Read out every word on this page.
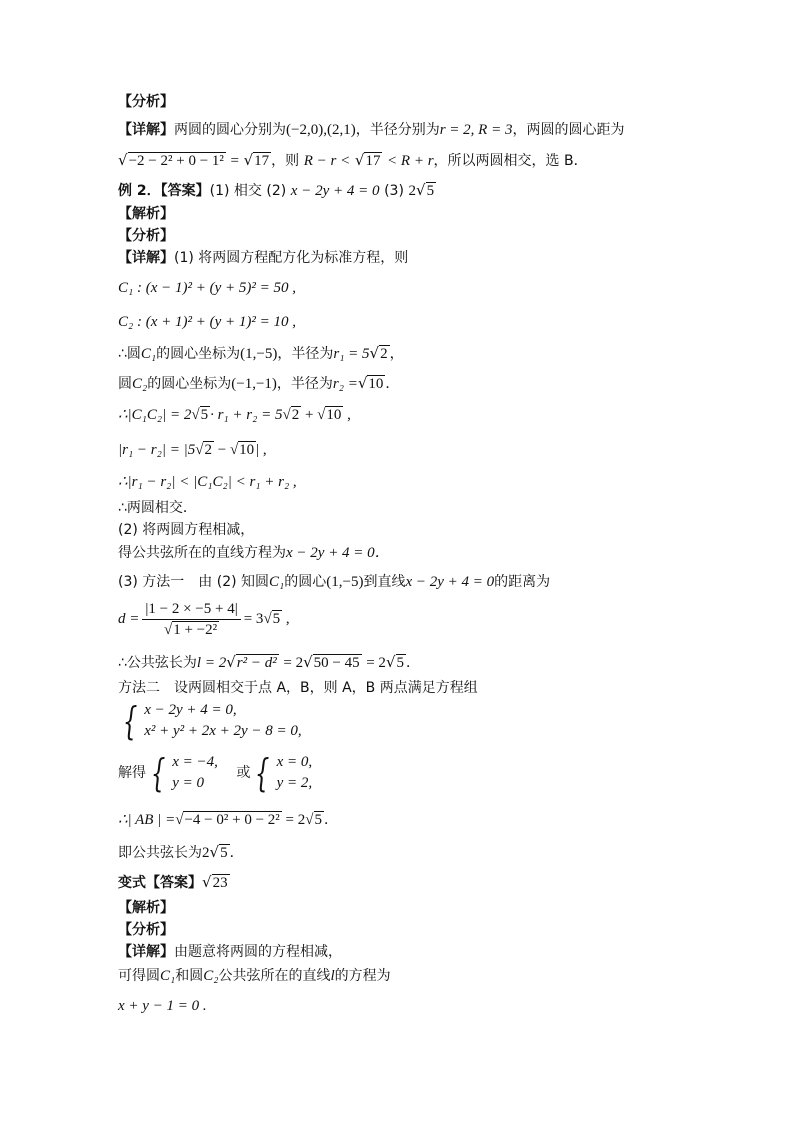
【分析】
【详解】两圆的圆心分别为(−2,0),(2,1)，半径分别为r = 2, R = 3，两圆的圆心距为
√−2 − 2² + 0 − 1² = √17 ，则 R − r < √17 < R + r，所以两圆相交，选 B．
例 2．【答案】(1) 相交 (2) x − 2y + 4 = 0 (3) 2√5
【解析】
【分析】
【详解】(1) 将两圆方程配方化为标准方程，则
C₁ : (x − 1)² + (y + 5)² = 50 ,
C₂ : (x + 1)² + (y + 1)² = 10 ,
∴圆C₁的圆心坐标为(1,−5)，半径为r₁ = 5√2 ，
圆C₂的圆心坐标为(−1,−1)，半径为r₂ =√10 ．
∴|C₁C₂| = 2√5 · r₁ + r₂ = 5√2 + √10 ,
|r₁ − r₂| = |5√2 − √10 | ,
∴|r₁ − r₂| < |C₁C₂| < r₁ + r₂ ,
∴两圆相交．
(2) 将两圆方程相减，
得公共弦所在的直线方程为x − 2y + 4 = 0．
(3) 方法一　由 (2) 知圆C₁的圆心(1,−5)到直线x − 2y + 4 = 0的距离为
$d = \frac{|1 - 2 \times -5 + 4|}{\text{√1 + −2²}} = 3√5$ ,
∴公共弦长为l = 2√r² − d² = 2√50 − 45 = 2√5 ．
方法二　设两圆相交于点 A，B，则 A，B 两点满足方程组
{ x − 2y + 4 = 0,
x² + y² + 2x + 2y − 8 = 0,
解得 { x = −4,
y = 0
或 { x = 0,
y = 2,
∴| AB | =√−4 − 0² + 0 − 2² = 2√5 ．
即公共弦长为2√5 ．
变式【答案】√23
【解析】
【分析】
【详解】由题意将两圆的方程相减，
可得圆C₁和圆C₂公共弦所在的直线l的方程为
x + y − 1 = 0 .
